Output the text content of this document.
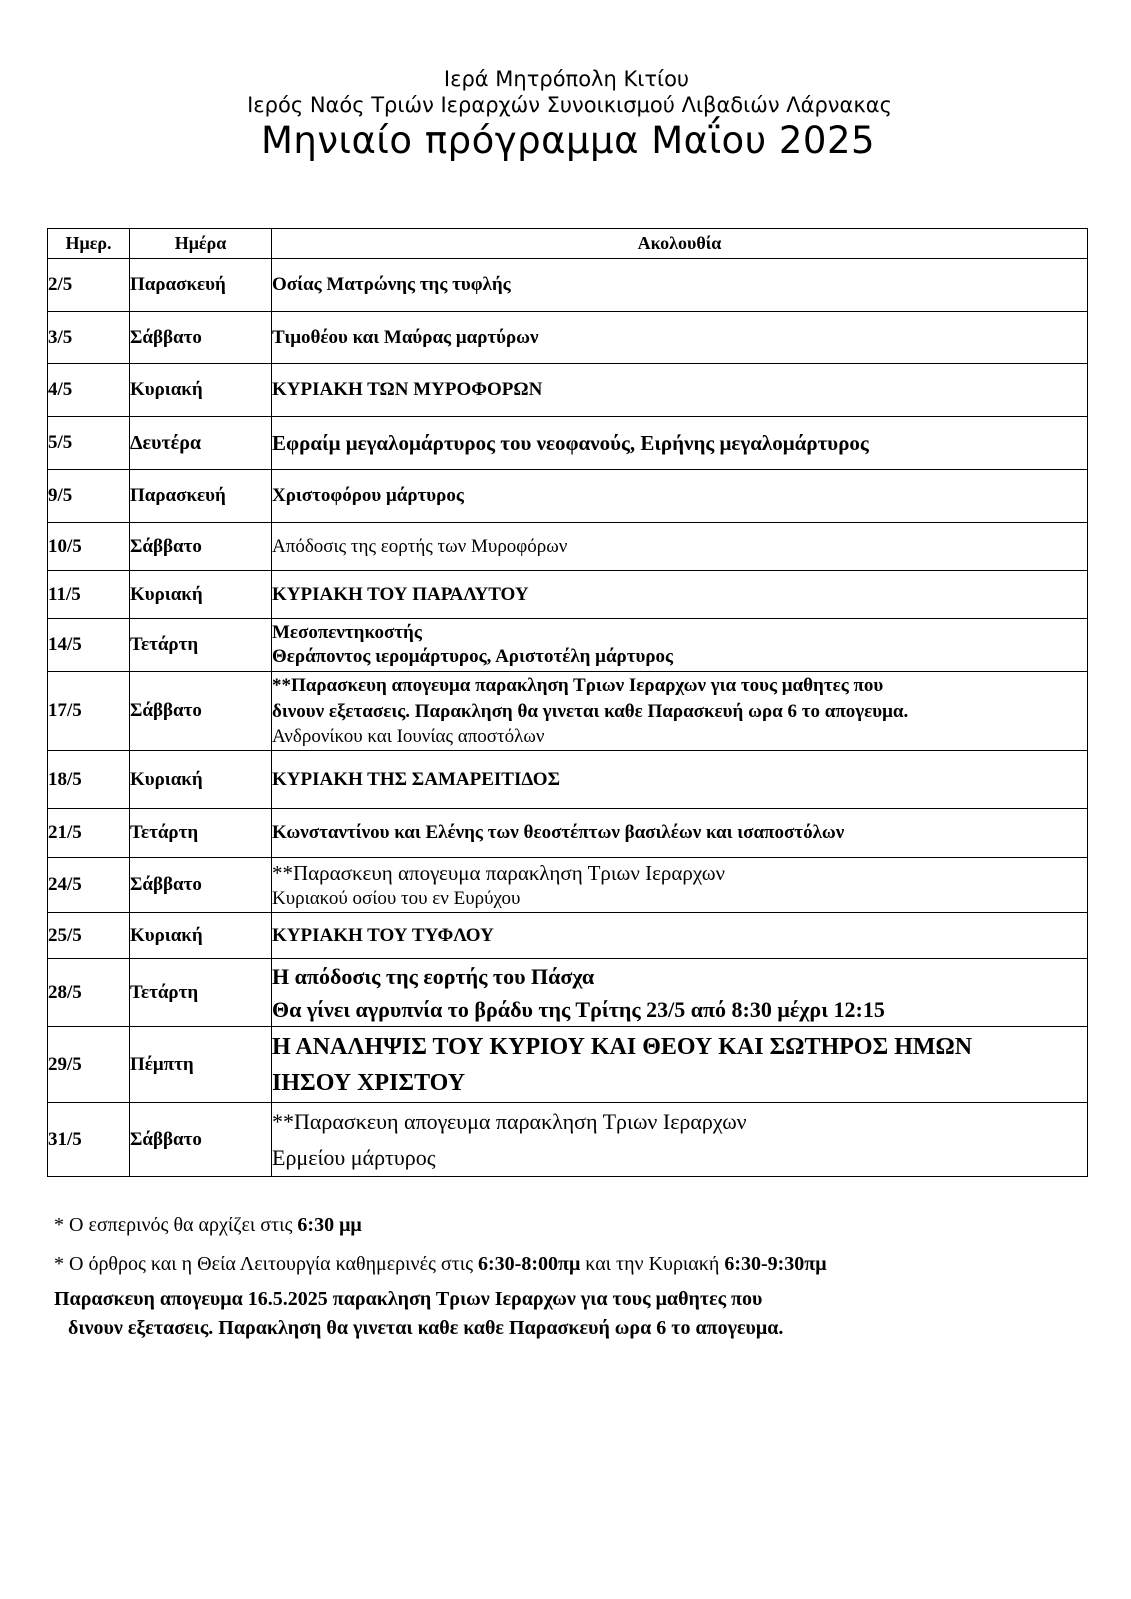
Ιερά Μητρόπολη Κιτίου
Ιερός Ναός Τριών Ιεραρχών Συνοικισμού Λιβαδιών Λάρνακας
Μηνιαίο πρόγραμμα Μαΐου 2025
Ημερ.	Ημέρα	Ακολουθία
2/5	Παρασκευή	Οσίας Ματρώνης της τυφλής

3/5	Σάββατο	Τιμοθέου και Μαύρας μαρτύρων

4/5	Κυριακή	ΚΥΡΙΑΚΗ ΤΩΝ ΜΥΡΟΦΟΡΩΝ

5/5	Δευτέρα	Εφραίμ μεγαλομάρτυρος του νεοφανούς, Ειρήνης μεγαλομάρτυρος

9/5	Παρασκευή	Χριστοφόρου μάρτυρος

10/5	Σάββατο	Απόδοσις της εορτής των Μυροφόρων

11/5	Κυριακή	ΚΥΡΙΑΚΗ ΤΟΥ ΠΑΡΑΛΥΤΟΥ

14/5	Τετάρτη	Μεσοπεντηκοστής
Θεράποντος ιερομάρτυρος, Αριστοτέλη μάρτυρος

17/5	Σάββατο	**Παρασκευη απογευμα παρακληση Τριων Ιεραρχων για τους μαθητες που
δινουν εξετασεις. Παρακληση θα γινεται καθε Παρασκευή ωρα 6 το απογευμα.
Ανδρονίκου και Ιουνίας αποστόλων

18/5	Κυριακή	ΚΥΡΙΑΚΗ ΤΗΣ ΣΑΜΑΡΕΙΤΙΔΟΣ

21/5	Τετάρτη	Κωνσταντίνου και Ελένης των θεοστέπτων βασιλέων και ισαποστόλων

24/5	Σάββατο	**Παρασκευη απογευμα παρακληση Τριων Ιεραρχων
Κυριακού οσίου του εν Ευρύχου

25/5	Κυριακή	ΚΥΡΙΑΚΗ ΤΟΥ ΤΥΦΛΟΥ

28/5	Τετάρτη	Η απόδοσις της εορτής του Πάσχα
Θα γίνει αγρυπνία το βράδυ της Τρίτης 23/5 από 8:30 μέχρι 12:15

29/5	Πέμπτη	Η ΑΝΑΛΗΨΙΣ ΤΟΥ ΚΥΡΙΟΥ ΚΑΙ ΘΕΟΥ ΚΑΙ ΣΩΤΗΡΟΣ ΗΜΩΝ
ΙΗΣΟΥ ΧΡΙΣΤΟΥ

31/5	Σάββατο	**Παρασκευη απογευμα παρακληση Τριων Ιεραρχων
Ερμείου μάρτυρος
* Ο εσπερινός θα αρχίζει στις 6:30 μμ
* Ο όρθρος και η Θεία Λειτουργία καθημερινές στις 6:30-8:00πμ και την Κυριακή 6:30-9:30πμ
Παρασκευη απογευμα 16.5.2025 παρακληση Τριων Ιεραρχων για τους μαθητες που
δινουν εξετασεις. Παρακληση θα γινεται καθε καθε Παρασκευή ωρα 6 το απογευμα.
